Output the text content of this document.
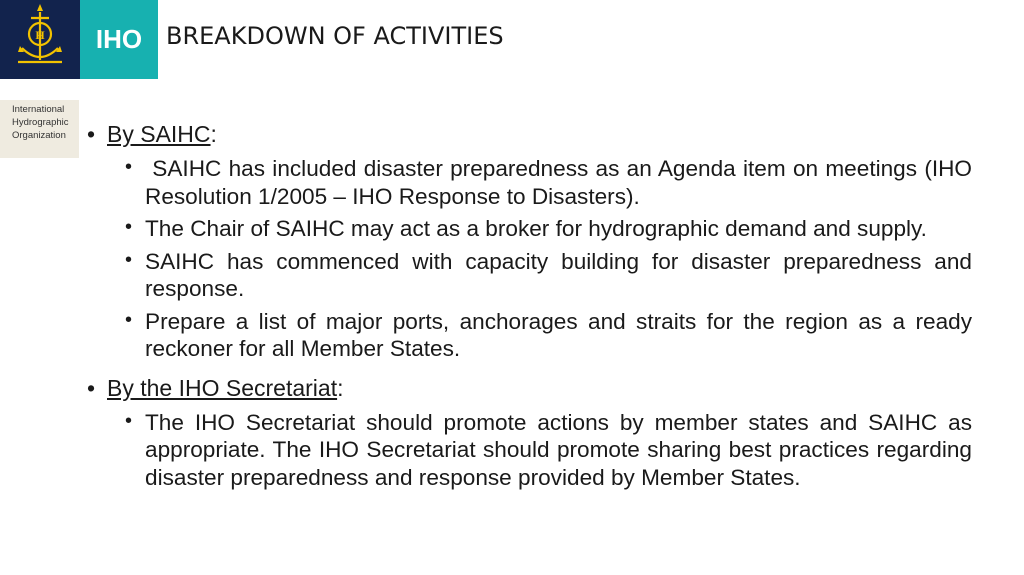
H	IHO
International
Hydrographic
Organization
BREAKDOWN OF ACTIVITIES
• By SAIHC:
• SAIHC has included disaster preparedness as an Agenda item on meetings (IHO Resolution 1/2005 – IHO Response to Disasters).
• The Chair of SAIHC may act as a broker for hydrographic demand and supply.
• SAIHC has commenced with capacity building for disaster preparedness and response.
• Prepare a list of major ports, anchorages and straits for the region as a ready reckoner for all Member States.
• By the IHO Secretariat:
• The IHO Secretariat should promote actions by member states and SAIHC as appropriate. The IHO Secretariat should promote sharing best practices regarding disaster preparedness and response provided by Member States.
